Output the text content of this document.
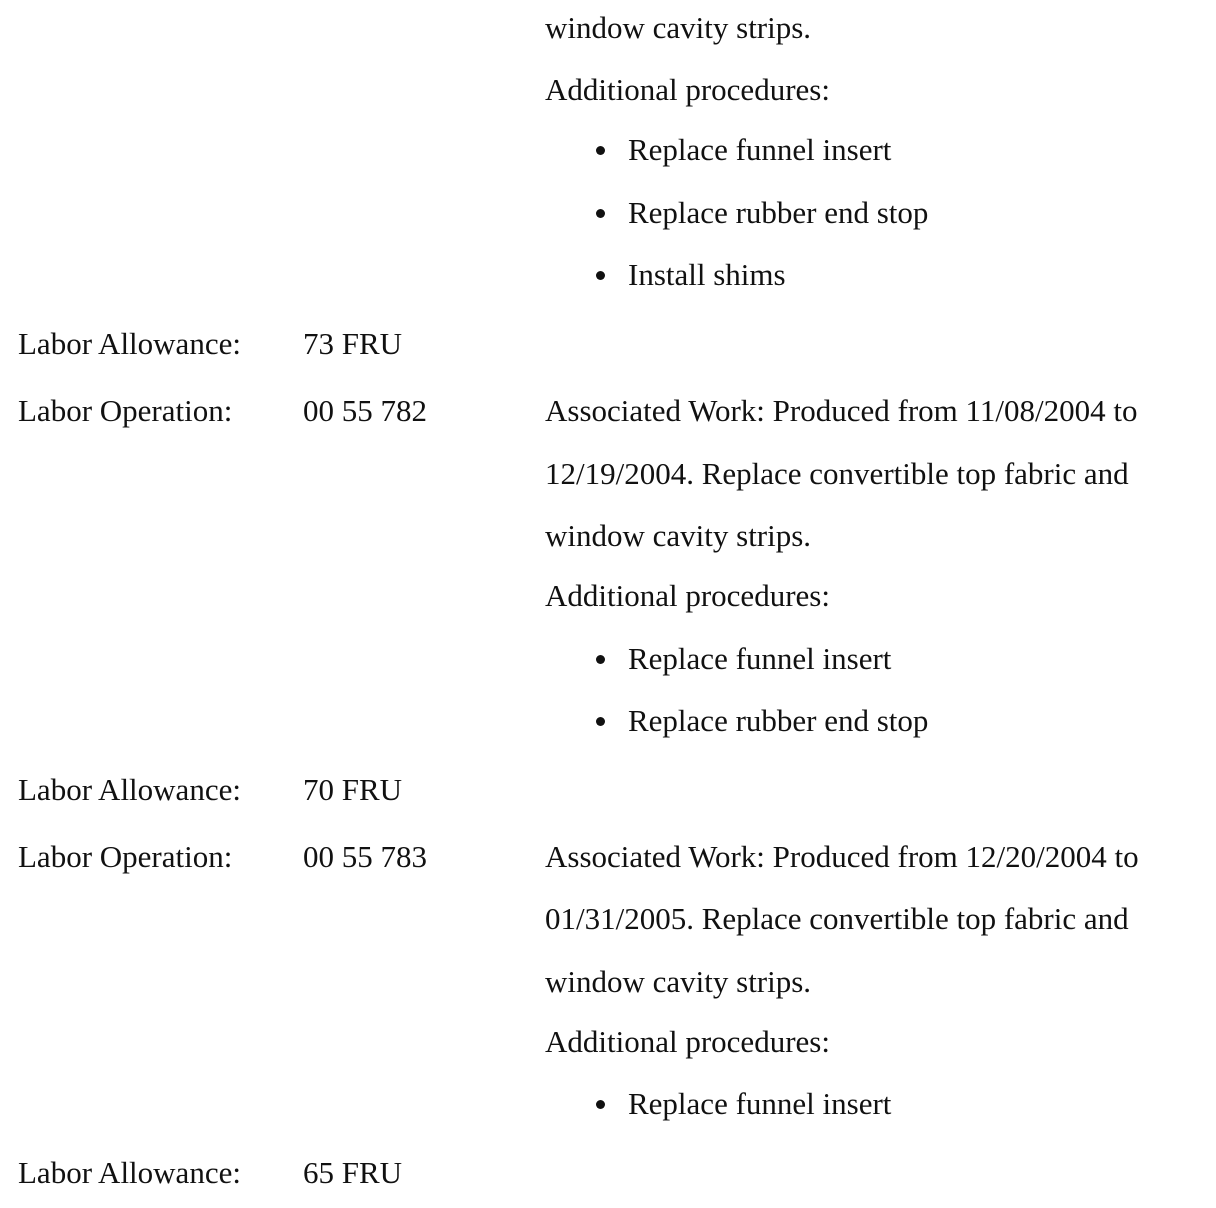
window cavity strips.
Additional procedures:
Replace funnel insert
Replace rubber end stop
Install shims
Labor Allowance: 73 FRU
Labor Operation: 00 55 782	Associated Work: Produced from 11/08/2004 to
12/19/2004. Replace convertible top fabric and
window cavity strips.
Additional procedures:
Replace funnel insert
Replace rubber end stop
Labor Allowance: 70 FRU
Labor Operation: 00 55 783	Associated Work: Produced from 12/20/2004 to
01/31/2005. Replace convertible top fabric and
window cavity strips.
Additional procedures:
Replace funnel insert
Labor Allowance: 65 FRU
